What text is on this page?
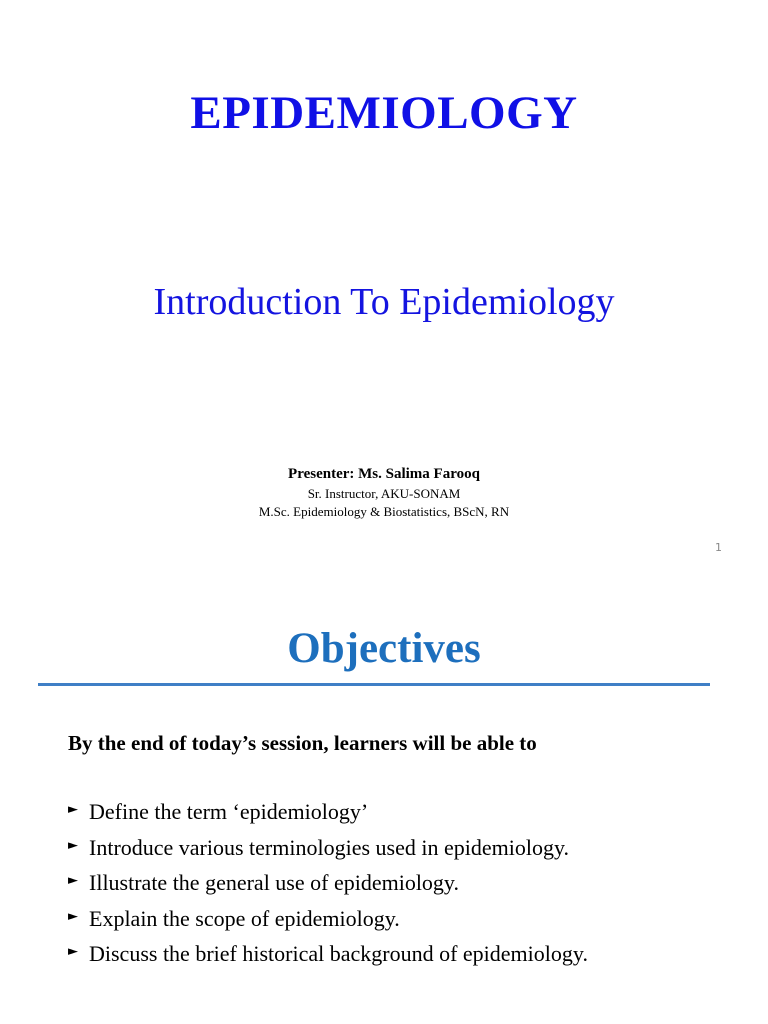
EPIDEMIOLOGY
Introduction To Epidemiology
Presenter: Ms. Salima Farooq
Sr. Instructor, AKU-SONAM
M.Sc. Epidemiology & Biostatistics, BScN, RN
1
Objectives
By the end of today’s session, learners will be able to
► Define the term ‘epidemiology’
► Introduce various terminologies used in epidemiology.
► Illustrate the general use of epidemiology.
► Explain the scope of epidemiology.
► Discuss the brief historical background of epidemiology.
